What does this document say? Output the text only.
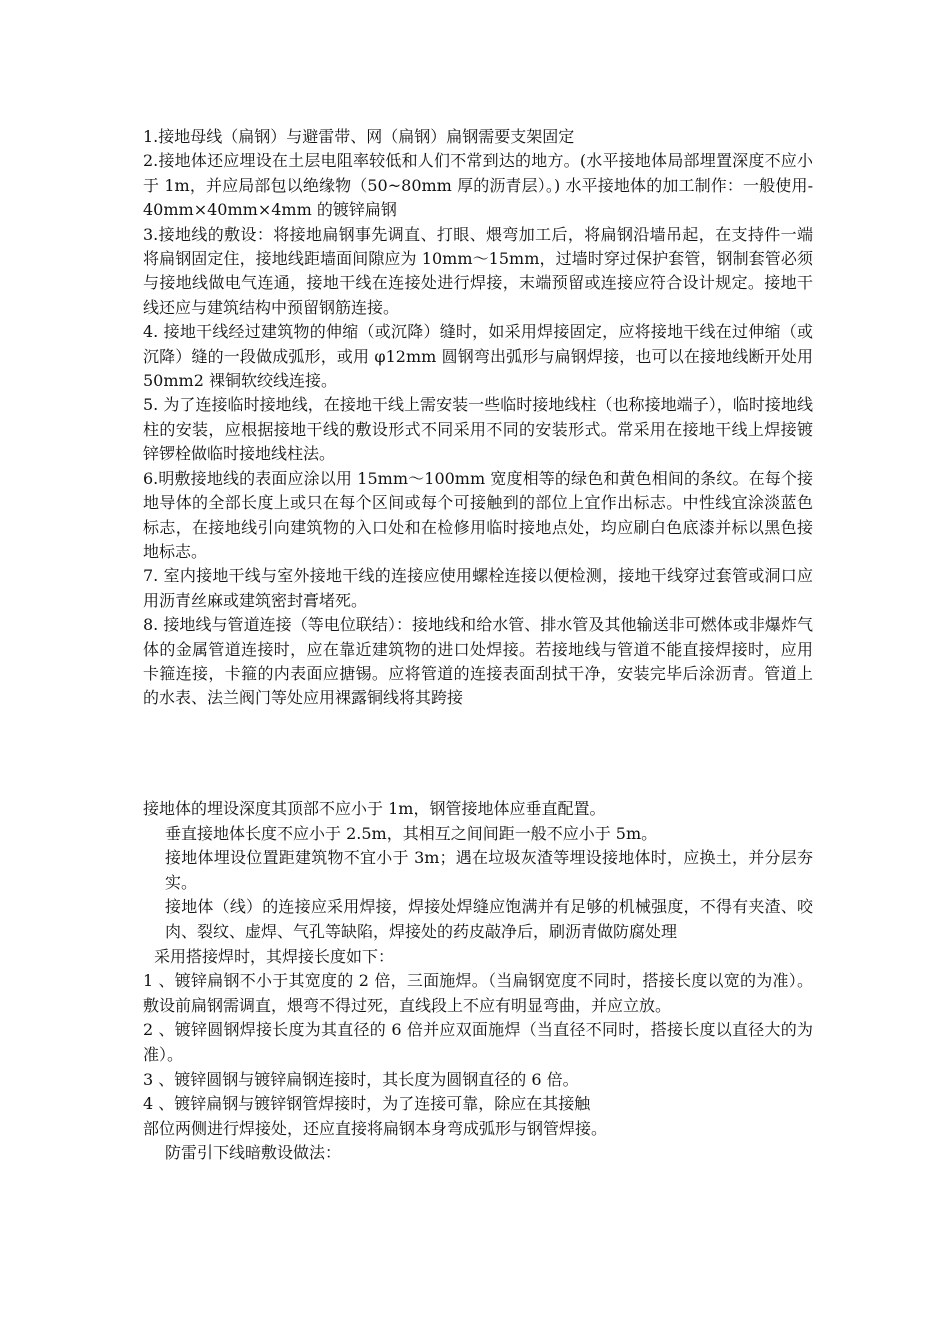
1.接地母线（扁钢）与避雷带、网（扁钢）扁钢需要支架固定

2.接地体还应埋设在土层电阻率较低和人们不常到达的地方。(水平接地体局部埋置深度不应小于 1m，并应局部包以绝缘物（50~80mm 厚的沥青层）。) 水平接地体的加工制作：一般使用-40mm×40mm×4mm 的镀锌扁钢

3.接地线的敷设：将接地扁钢事先调直、打眼、煨弯加工后，将扁钢沿墙吊起，在支持件一端将扁钢固定住，接地线距墙面间隙应为 10mm～15mm，过墙时穿过保护套管，钢制套管必须与接地线做电气连通，接地干线在连接处进行焊接，末端预留或连接应符合设计规定。接地干线还应与建筑结构中预留钢筋连接。

4. 接地干线经过建筑物的伸缩（或沉降）缝时，如采用焊接固定，应将接地干线在过伸缩（或沉降）缝的一段做成弧形，或用 φ12mm 圆钢弯出弧形与扁钢焊接，也可以在接地线断开处用 50mm2 裸铜软绞线连接。

5. 为了连接临时接地线，在接地干线上需安装一些临时接地线柱（也称接地端子），临时接地线柱的安装，应根据接地干线的敷设形式不同采用不同的安装形式。常采用在接地干线上焊接镀锌锣栓做临时接地线柱法。

6.明敷接地线的表面应涂以用 15mm～100mm 宽度相等的绿色和黄色相间的条纹。在每个接地导体的全部长度上或只在每个区间或每个可接触到的部位上宜作出标志。中性线宜涂淡蓝色标志，在接地线引向建筑物的入口处和在检修用临时接地点处，均应刷白色底漆并标以黑色接地标志。

7. 室内接地干线与室外接地干线的连接应使用螺栓连接以便检测，接地干线穿过套管或洞口应用沥青丝麻或建筑密封膏堵死。

8. 接地线与管道连接（等电位联结）：接地线和给水管、排水管及其他输送非可燃体或非爆炸气体的金属管道连接时，应在靠近建筑物的进口处焊接。若接地线与管道不能直接焊接时，应用卡箍连接，卡箍的内表面应搪锡。应将管道的连接表面刮拭干净，安装完毕后涂沥青。管道上的水表、法兰阀门等处应用裸露铜线将其跨接

接地体的埋设深度其顶部不应小于 1m，钢管接地体应垂直配置。

垂直接地体长度不应小于 2.5m，其相互之间间距一般不应小于 5m。

接地体埋设位置距建筑物不宜小于 3m；遇在垃圾灰渣等埋设接地体时，应换土，并分层夯实。

接地体（线）的连接应采用焊接，焊接处焊缝应饱满并有足够的机械强度，不得有夹渣、咬肉、裂纹、虚焊、气孔等缺陷，焊接处的药皮敲净后，刷沥青做防腐处理

采用搭接焊时，其焊接长度如下：

1 、镀锌扁钢不小于其宽度的 2 倍，三面施焊。（当扁钢宽度不同时，搭接长度以宽的为准）。敷设前扁钢需调直，煨弯不得过死，直线段上不应有明显弯曲，并应立放。

2 、镀锌圆钢焊接长度为其直径的 6 倍并应双面施焊（当直径不同时，搭接长度以直径大的为准）。

3 、镀锌圆钢与镀锌扁钢连接时，其长度为圆钢直径的 6 倍。

4 、镀锌扁钢与镀锌钢管焊接时，为了连接可靠，除应在其接触

部位两侧进行焊接处，还应直接将扁钢本身弯成弧形与钢管焊接。

防雷引下线暗敷设做法：
